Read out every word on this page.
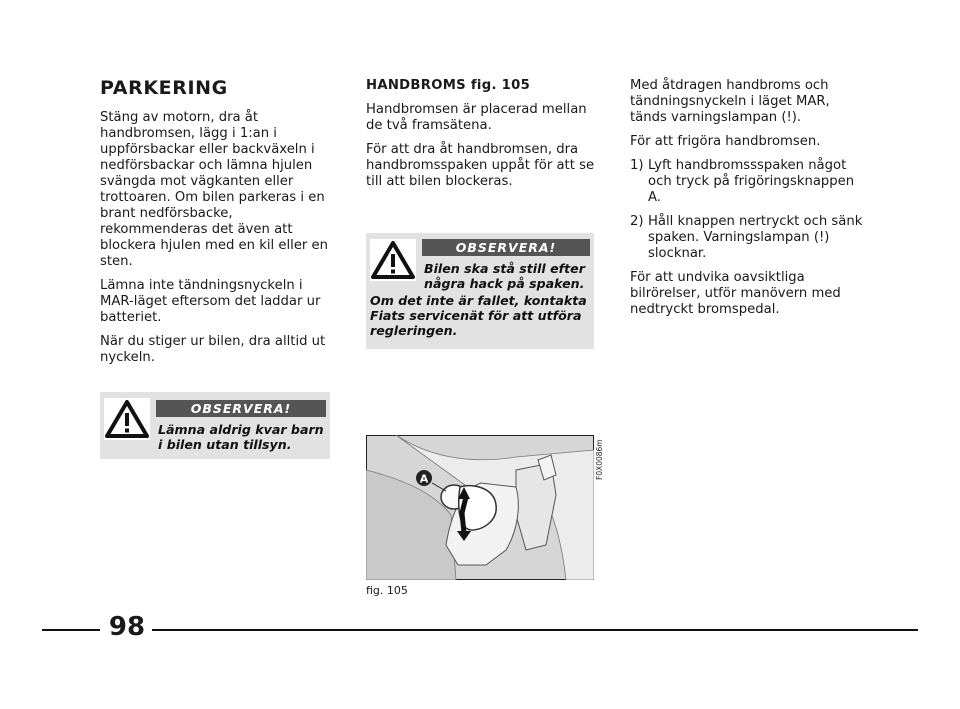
PARKERING

Stäng av motorn, dra åt handbromsen, lägg i 1:an i uppförsbackar eller backväxeln i nedförsbackar och lämna hjulen svängda mot vägkanten eller trottoaren. Om bilen parkeras i en brant nedförsbacke, rekommenderas det även att blockera hjulen med en kil eller en sten.

Lämna inte tändningsnyckeln i MAR-läget eftersom det laddar ur batteriet.

När du stiger ur bilen, dra alltid ut nyckeln.

OBSERVERA!
Lämna aldrig kvar barn i bilen utan tillsyn.
HANDBROMS fig. 105

Handbromsen är placerad mellan de två framsätena.

För att dra åt handbromsen, dra handbromsspaken uppåt för att se till att bilen blockeras.

OBSERVERA!
Bilen ska stå still efter några hack på spaken.
Om det inte är fallet, kontakta Fiats servicenät för att utföra regleringen.
A	F0X0086m
fig. 105

Med åtdragen handbroms och tändningsnyckeln i läget MAR, tänds varningslampan (!).

För att frigöra handbromsen.

1) Lyft handbromssspaken något och tryck på frigöringsknappen A.
2) Håll knappen nertryckt och sänk spaken. Varningslampan (!) slocknar.

För att undvika oavsiktliga bilrörelser, utför manövern med nedtryckt bromspedal.

98
